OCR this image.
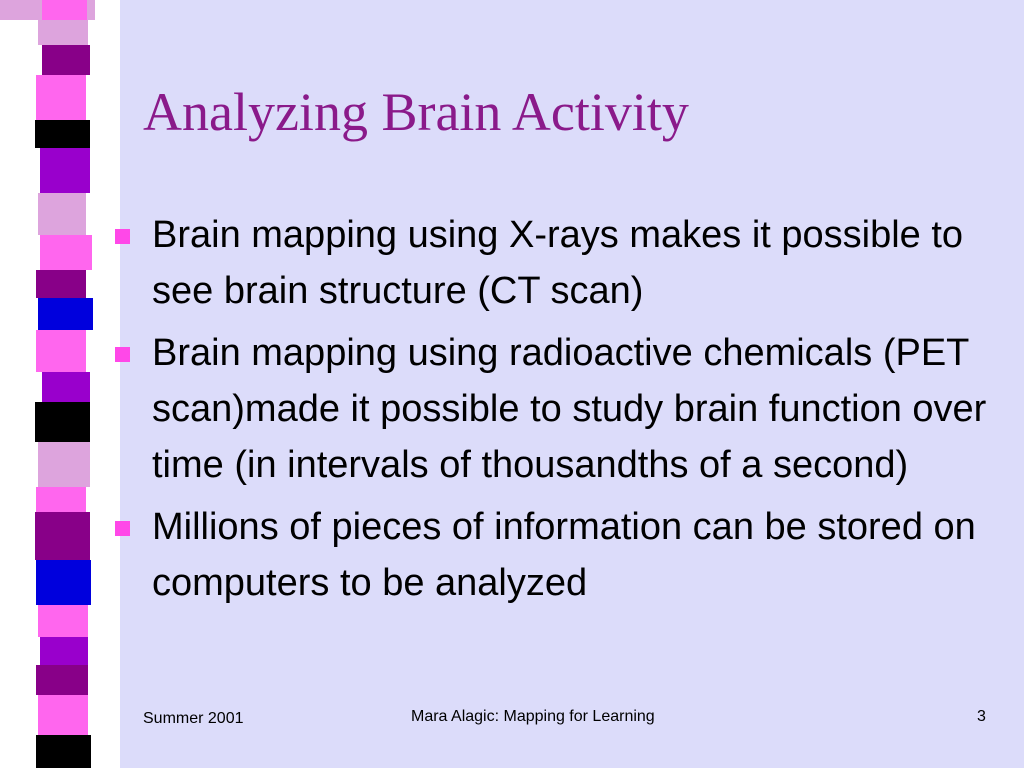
Analyzing Brain Activity
Brain mapping using X-rays makes it possible to see brain structure (CT scan)
Brain mapping using radioactive chemicals (PET scan)made it possible to study brain function over time (in intervals of thousandths of a second)
Millions of pieces of information can be stored on computers to be analyzed
Summer 2001	Mara Alagic: Mapping for Learning	3
